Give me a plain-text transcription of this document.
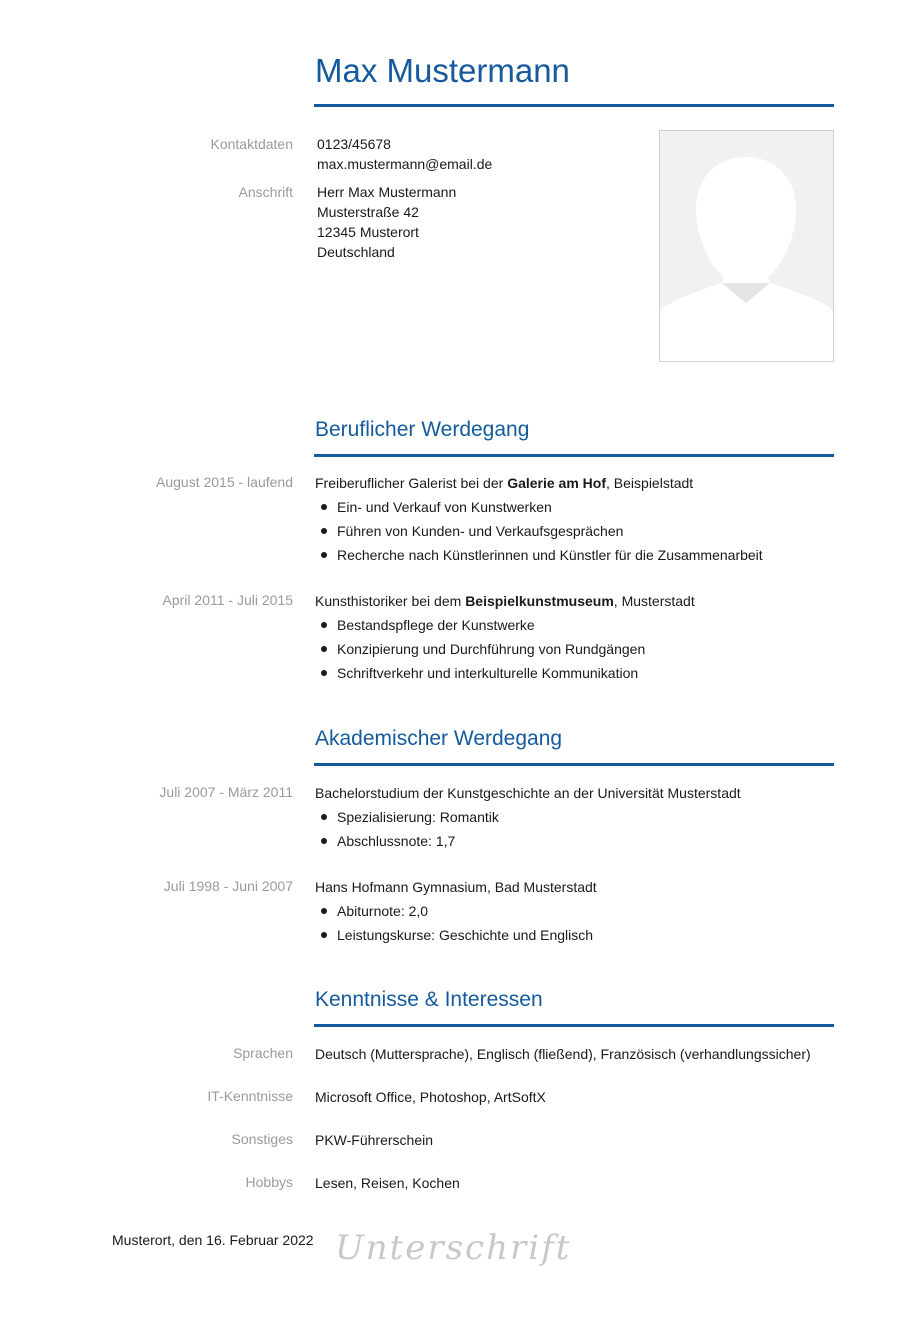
Max Mustermann
Kontaktdaten 0123/45678
max.mustermann@email.de
Anschrift Herr Max Mustermann
Musterstraße 42
12345 Musterort
Deutschland
Beruflicher Werdegang
August 2015 - laufend Freiberuflicher Galerist bei der Galerie am Hof, Beispielstadt
Ein- und Verkauf von Kunstwerken
Führen von Kunden- und Verkaufsgesprächen
Recherche nach Künstlerinnen und Künstler für die Zusammenarbeit
April 2011 - Juli 2015 Kunsthistoriker bei dem Beispielkunstmuseum, Musterstadt
Bestandspflege der Kunstwerke
Konzipierung und Durchführung von Rundgängen
Schriftverkehr und interkulturelle Kommunikation
Akademischer Werdegang
Juli 2007 - März 2011 Bachelorstudium der Kunstgeschichte an der Universität Musterstadt
Spezialisierung: Romantik
Abschlussnote: 1,7
Juli 1998 - Juni 2007 Hans Hofmann Gymnasium, Bad Musterstadt
Abiturnote: 2,0
Leistungskurse: Geschichte und Englisch
Kenntnisse & Interessen
Sprachen Deutsch (Muttersprache), Englisch (fließend), Französisch (verhandlungssicher)
IT-Kenntnisse Microsoft Office, Photoshop, ArtSoftX
Sonstiges PKW-Führerschein
Hobbys Lesen, Reisen, Kochen
Musterort, den 16. Februar 2022 Unterschrift
